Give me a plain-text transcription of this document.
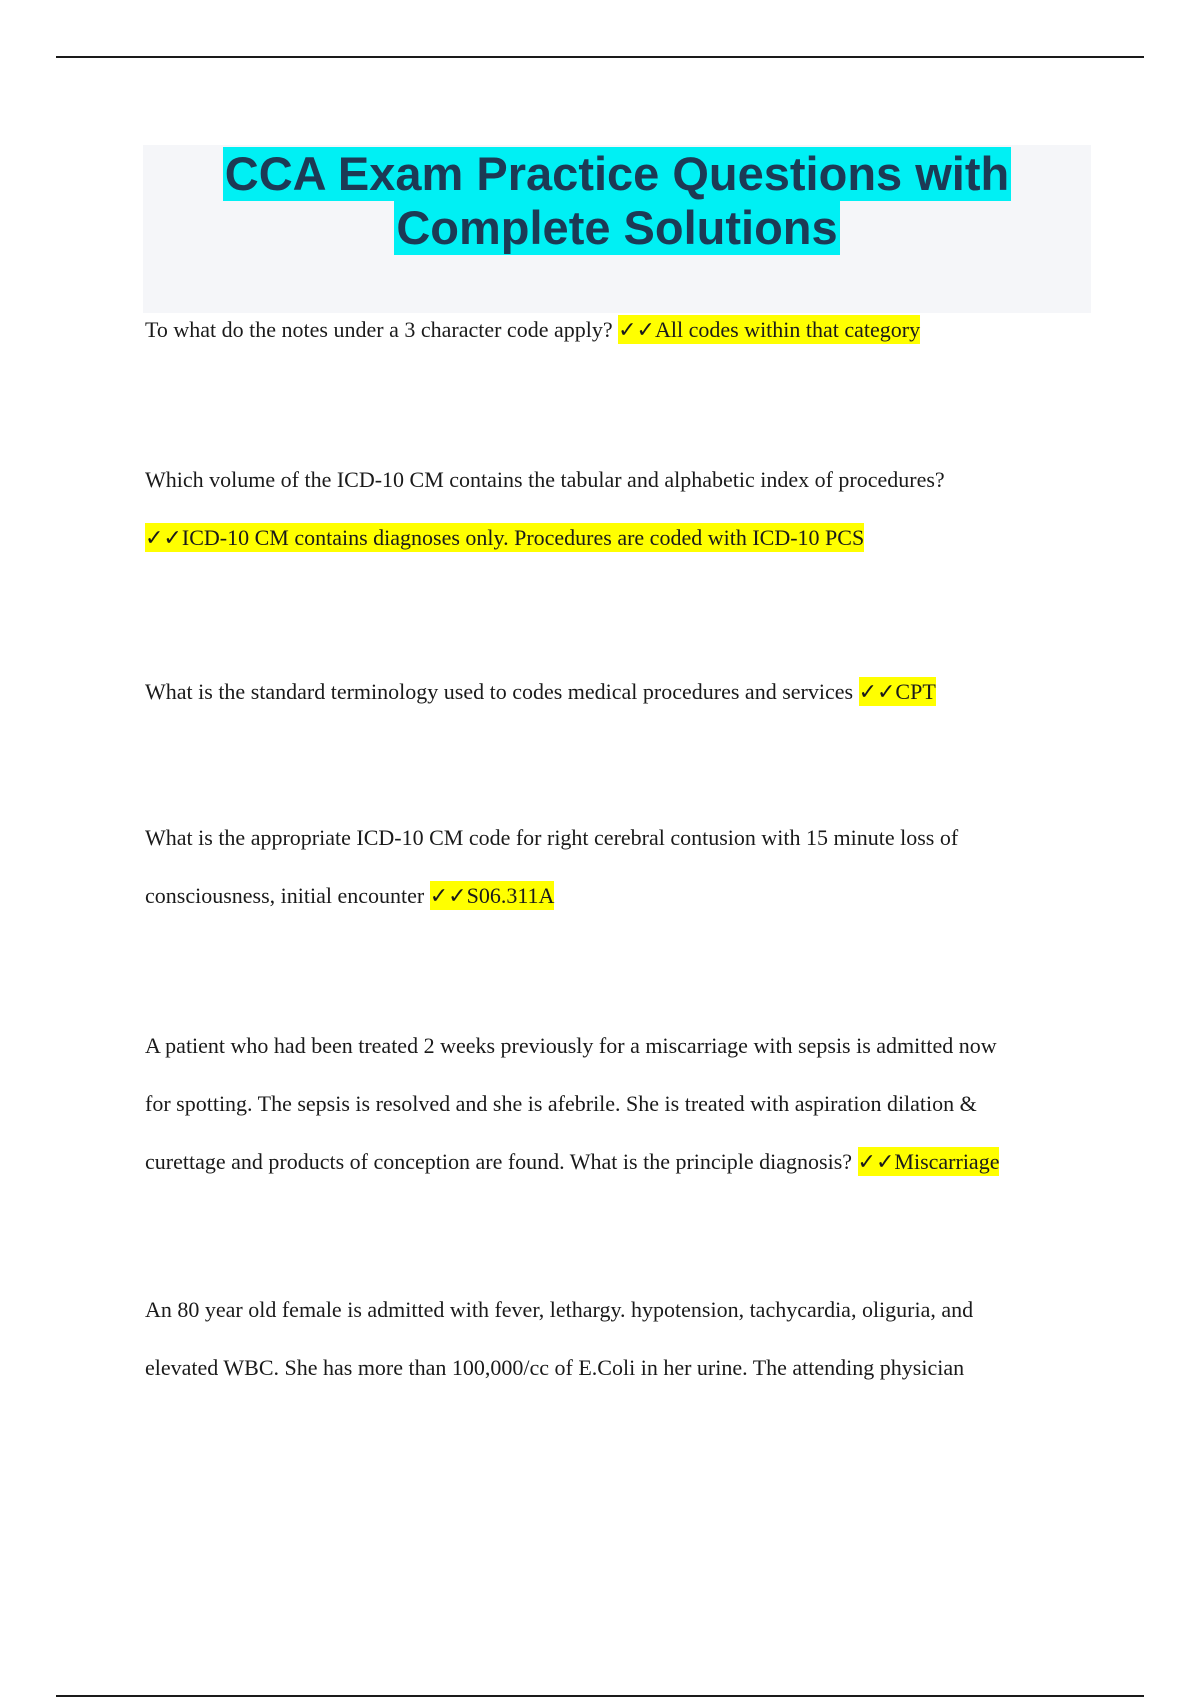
CCA Exam Practice Questions with
Complete Solutions

To what do the notes under a 3 character code apply? ✓✓All codes within that category

Which volume of the ICD-10 CM contains the tabular and alphabetic index of procedures?
✓✓ICD-10 CM contains diagnoses only. Procedures are coded with ICD-10 PCS

What is the standard terminology used to codes medical procedures and services ✓✓CPT

What is the appropriate ICD-10 CM code for right cerebral contusion with 15 minute loss of
consciousness, initial encounter ✓✓S06.311A

A patient who had been treated 2 weeks previously for a miscarriage with sepsis is admitted now
for spotting. The sepsis is resolved and she is afebrile. She is treated with aspiration dilation &
curettage and products of conception are found. What is the principle diagnosis? ✓✓Miscarriage

An 80 year old female is admitted with fever, lethargy. hypotension, tachycardia, oliguria, and
elevated WBC. She has more than 100,000/cc of E.Coli in her urine. The attending physician
